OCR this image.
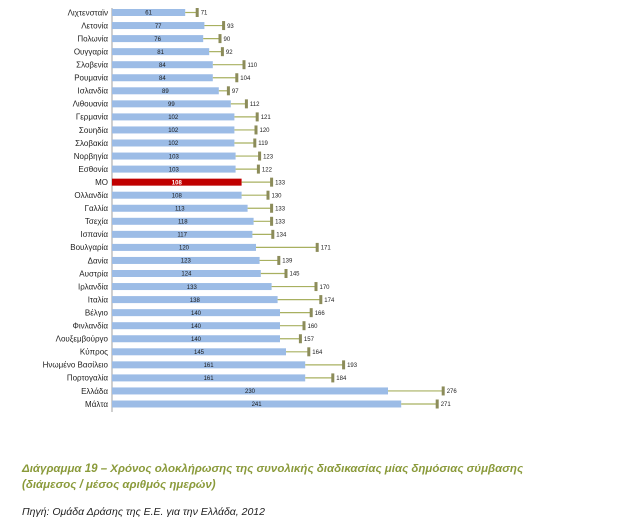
Λιχτενσταϊν	61	71
Λετονία	77	93
Πολωνία	76	90
Ουγγαρία	81	92
Σλοβενία	84	110
Ρουμανία	84	104
Ισλανδία	89	97
Λιθουανία	99	112
Γερμανία	102	121
Σουηδία	102	120
Σλοβακία	102	119
Νορβηγία	103	123
Εσθονία	103	122
ΜΟ	108	133
Ολλανδία	108	130
Γαλλία	113	133
Τσεχία	118	133
Ισπανία	117	134
Βουλγαρία	120	171
Δανία	123	139
Αυστρία	124	145
Ιρλανδία	133	170
Ιταλία	138	174
Βέλγιο	140	166
Φινλανδία	140	160
Λουξεμβούργο	140	157
Κύπρος	145	164
Ηνωμένο Βασίλειο	161	193
Πορτογαλία	161	184
Ελλάδα	230	276
Μάλτα	241	271
Διάγραμμα 19 – Χρόνος ολοκλήρωσης της συνολικής διαδικασίας μίας δημόσιας σύμβασης
(διάμεσος / μέσος αριθμός ημερών)
Πηγή: Ομάδα Δράσης της Ε.Ε. για την Ελλάδα, 2012
